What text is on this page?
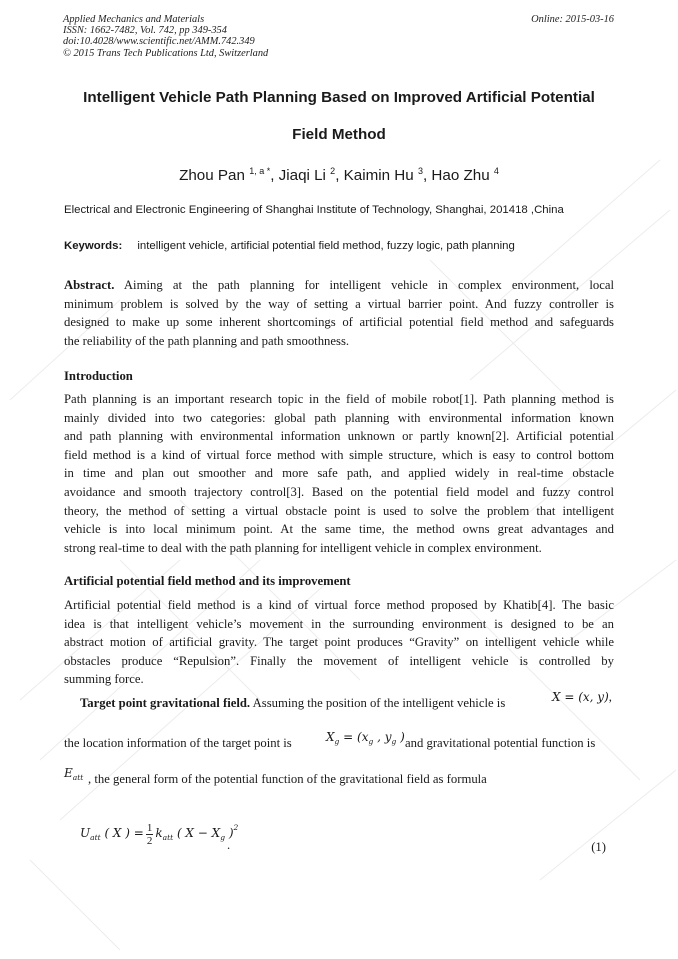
Applied Mechanics and Materials
ISSN: 1662-7482, Vol. 742, pp 349-354
doi:10.4028/www.scientific.net/AMM.742.349
© 2015 Trans Tech Publications Ltd, Switzerland
Online: 2015-03-16
Intelligent Vehicle Path Planning Based on Improved Artificial Potential
Field Method
Zhou Pan $^{1, a *}$, Jiaqi Li $^2$, Kaimin Hu $^3$, Hao Zhu $^4$
Electrical and Electronic Engineering of Shanghai Institute of Technology, Shanghai, 201418 ,China
Keywords: intelligent vehicle, artificial potential field method, fuzzy logic, path planning
Abstract. Aiming at the path planning for intelligent vehicle in complex environment, local
minimum problem is solved by the way of setting a virtual barrier point. And fuzzy controller is
designed to make up some inherent shortcomings of artificial potential field method and safeguards
the reliability of the path planning and path smoothness.
Introduction
Path planning is an important research topic in the field of mobile robot[1]. Path planning method is
mainly divided into two categories: global path planning with environmental information known
and path planning with environmental information unknown or partly known[2]. Artificial potential
field method is a kind of virtual force method with simple structure, which is easy to control bottom
in time and plan out smoother and more safe path, and applied widely in real-time obstacle
avoidance and smooth trajectory control[3]. Based on the potential field model and fuzzy control
theory, the method of setting a virtual obstacle point is used to solve the problem that intelligent
vehicle is into local minimum point. At the same time, the method owns great advantages and
strong real-time to deal with the path planning for intelligent vehicle in complex environment.
Artificial potential field method and its improvement
Artificial potential field method is a kind of virtual force method proposed by Khatib[4]. The basic
idea is that intelligent vehicle’s movement in the surrounding environment is designed to be an
abstract motion of artificial gravity. The target point produces “Gravity” on intelligent vehicle while
obstacles produce “Repulsion”. Finally the movement of intelligent vehicle is controlled by
summing force.
Target point gravitational field. Assuming the position of the intelligent vehicle is	X = (x, y),
the location information of the target point is	$X_g = (x_g$ , $y_g$ ) and gravitational potential function is
$E_{att}$ , the general form of the potential function of the gravitational field as formula
$U_{att}$ ( X ) = $\frac{1}{2} k_{att}$ ( $X - X_g$ )$^2$
.	(1)
